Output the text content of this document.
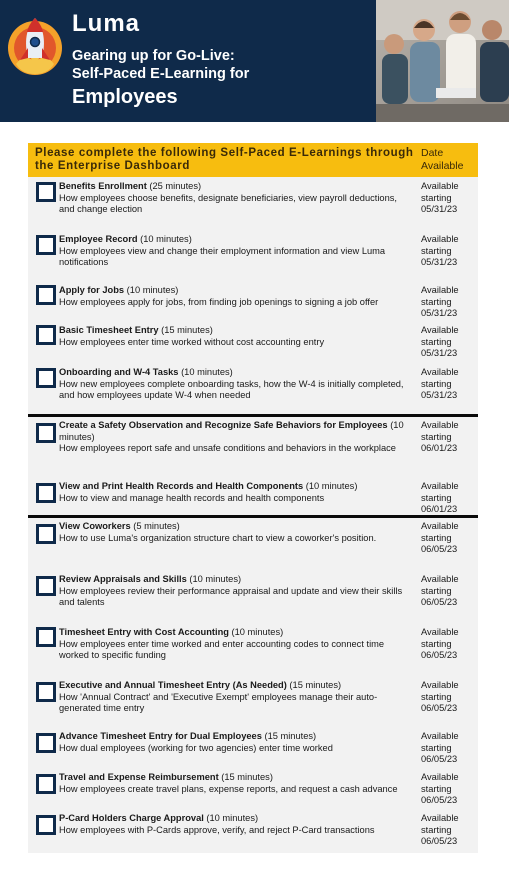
Luma
Gearing up for Go-Live:
Self-Paced E-Learning for
Employees
Please complete the following Self-Paced E-Learnings through the Enterprise Dashboard
Date
Available
Benefits Enrollment (25 minutes)
How employees choose benefits, designate beneficiaries, view payroll deductions, and change election
Available
starting
05/31/23
Employee Record (10 minutes)
How employees view and change their employment information and view Luma notifications
Available
starting
05/31/23
Apply for Jobs (10 minutes)
How employees apply for jobs, from finding job openings to signing a job offer
Available
starting
05/31/23
Basic Timesheet Entry (15 minutes)
How employees enter time worked without cost accounting entry
Available
starting
05/31/23
Onboarding and W-4 Tasks (10 minutes)
How new employees complete onboarding tasks, how the W-4 is initially completed, and how employees update W-4 when needed
Available
starting
05/31/23
Create a Safety Observation and Recognize Safe Behaviors for Employees (10 minutes)
How employees report safe and unsafe conditions and behaviors in the workplace
Available
starting
06/01/23
View and Print Health Records and Health Components (10 minutes)
How to view and manage health records and health components
Available
starting
06/01/23
View Coworkers (5 minutes)
How to use Luma's organization structure chart to view a coworker's position.
Available
starting
06/05/23
Review Appraisals and Skills (10 minutes)
How employees review their performance appraisal and update and view their skills and talents
Available
starting
06/05/23
Timesheet Entry with Cost Accounting (10 minutes)
How employees enter time worked and enter accounting codes to connect time worked to specific funding
Available
starting
06/05/23
Executive and Annual Timesheet Entry (As Needed) (15 minutes)
How 'Annual Contract' and 'Executive Exempt' employees manage their auto-generated time entry
Available
starting
06/05/23
Advance Timesheet Entry for Dual Employees (15 minutes)
How dual employees (working for two agencies) enter time worked
Available
starting
06/05/23
Travel and Expense Reimbursement (15 minutes)
How employees create travel plans, expense reports, and request a cash advance
Available
starting
06/05/23
P-Card Holders Charge Approval (10 minutes)
How employees with P-Cards approve, verify, and reject P-Card transactions
Available
starting
06/05/23
